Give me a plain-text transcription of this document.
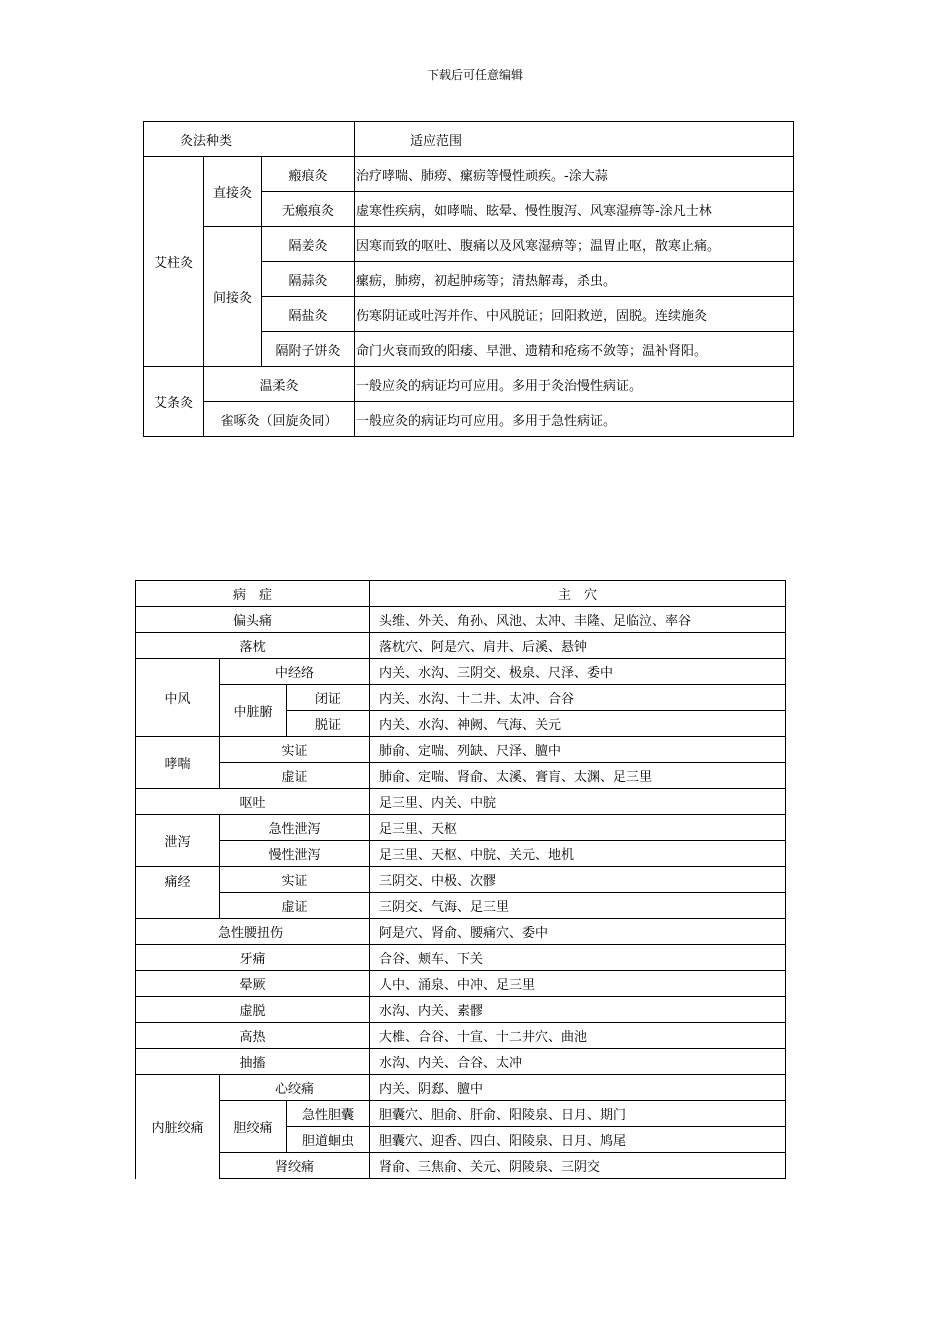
下载后可任意编辑
灸法种类			适应范围
艾柱灸	直接灸	瘢痕灸	治疗哮喘、肺痨、瘰疬等慢性顽疾。-涂大蒜
		无瘢痕灸	虚寒性疾病，如哮喘、眩晕、慢性腹泻、风寒湿痹等-涂凡士林
	间接灸	隔姜灸	因寒而致的呕吐、腹痛以及风寒湿痹等；温胃止呕，散寒止痛。
		隔蒜灸	瘰疬，肺痨，初起肿疡等；清热解毒，杀虫。
		隔盐灸	伤寒阴证或吐泻并作、中风脱证；回阳救逆，固脱。连续施灸
		隔附子饼灸	命门火衰而致的阳痿、早泄、遗精和疮疡不敛等；温补肾阳。
艾条灸	温柔灸		一般应灸的病证均可应用。多用于灸治慢性病证。
	雀啄灸（回旋灸同）		一般应灸的病证均可应用。多用于急性病证。
病　症			主　穴
偏头痛			头维、外关、角孙、风池、太冲、丰隆、足临泣、率谷
落枕			落枕穴、阿是穴、肩井、后溪、悬钟
中风	中经络		内关、水沟、三阴交、极泉、尺泽、委中
	中脏腑	闭证	内关、水沟、十二井、太冲、合谷
		脱证	内关、水沟、神阙、气海、关元
哮喘	实证		肺俞、定喘、列缺、尺泽、膻中
	虚证		肺俞、定喘、肾俞、太溪、膏肓、太渊、足三里
呕吐			足三里、内关、中脘
泄泻	急性泄泻		足三里、天枢
	慢性泄泻		足三里、天枢、中脘、关元、地机
痛经	实证		三阴交、中极、次髎
	虚证		三阴交、气海、足三里
急性腰扭伤			阿是穴、肾俞、腰痛穴、委中
牙痛			合谷、颊车、下关
晕厥			人中、涌泉、中冲、足三里
虚脱			水沟、内关、素髎
高热			大椎、合谷、十宣、十二井穴、曲池
抽搐			水沟、内关、合谷、太冲
内脏绞痛	心绞痛		内关、阴郄、膻中
	胆绞痛	急性胆囊	胆囊穴、胆俞、肝俞、阳陵泉、日月、期门
		胆道蛔虫	胆囊穴、迎香、四白、阳陵泉、日月、鸠尾
	肾绞痛		肾俞、三焦俞、关元、阴陵泉、三阴交
